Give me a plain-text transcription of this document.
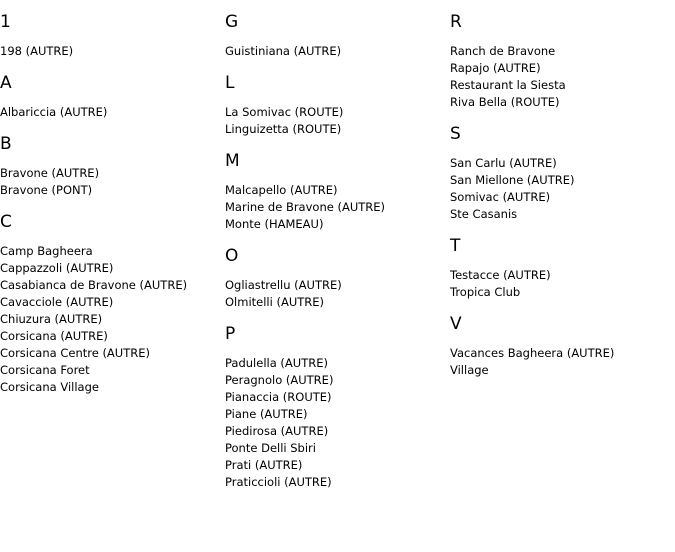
1
198 (AUTRE)
A
Albariccia (AUTRE)
B
Bravone (AUTRE)
Bravone (PONT)
C
Camp Bagheera
Cappazzoli (AUTRE)
Casabianca de Bravone (AUTRE)
Cavacciole (AUTRE)
Chiuzura (AUTRE)
Corsicana (AUTRE)
Corsicana Centre (AUTRE)
Corsicana Foret
Corsicana Village
G
Guistiniana (AUTRE)
L
La Somivac (ROUTE)
Linguizetta (ROUTE)
M
Malcapello (AUTRE)
Marine de Bravone (AUTRE)
Monte (HAMEAU)
O
Ogliastrellu (AUTRE)
Olmitelli (AUTRE)
P
Padulella (AUTRE)
Peragnolo (AUTRE)
Pianaccia (ROUTE)
Piane (AUTRE)
Piedirosa (AUTRE)
Ponte Delli Sbiri
Prati (AUTRE)
Praticcioli (AUTRE)
R
Ranch de Bravone
Rapajo (AUTRE)
Restaurant la Siesta
Riva Bella (ROUTE)
S
San Carlu (AUTRE)
San Miellone (AUTRE)
Somivac (AUTRE)
Ste Casanis
T
Testacce (AUTRE)
Tropica Club
V
Vacances Bagheera (AUTRE)
Village
